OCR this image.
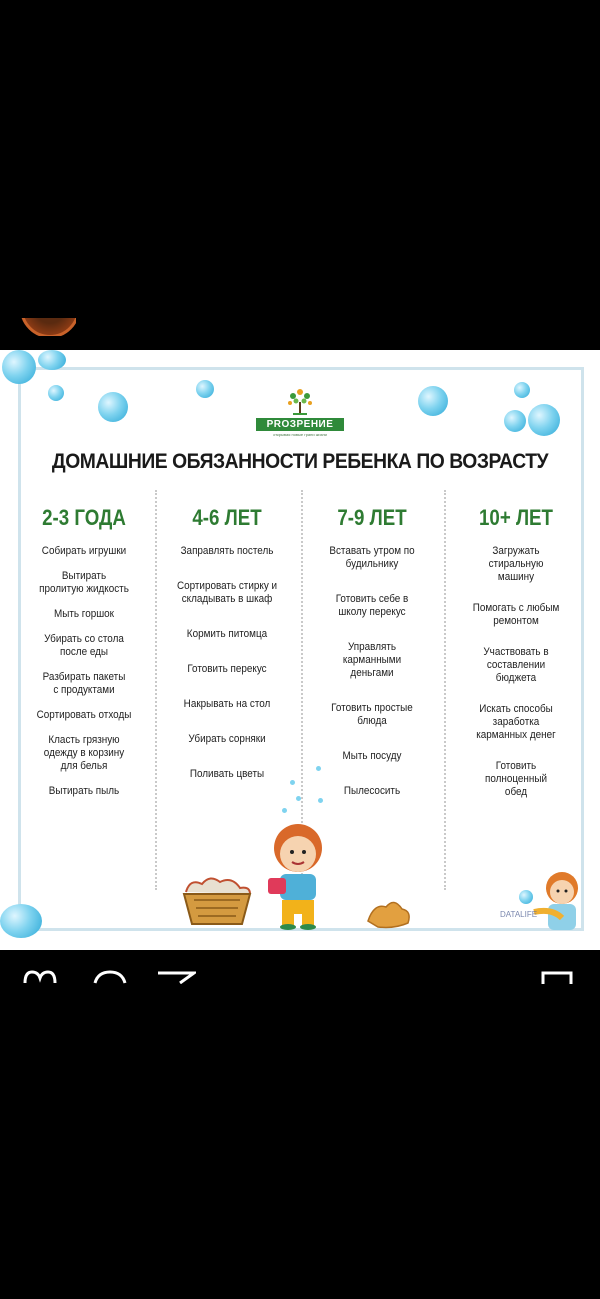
PROЗРЕНИЕ
открывая новые грани жизни
ДОМАШНИЕ ОБЯЗАННОСТИ РЕБЕНКА ПО ВОЗРАСТУ
2-3 ГОДА
Собирать игрушки
Вытирать пролитую жидкость
Мыть горшок
Убирать со стола после еды
Разбирать пакеты с продуктами
Сортировать отходы
Класть грязную одежду в корзину для белья
Вытирать пыль
4-6 ЛЕТ
Заправлять постель
Сортировать стирку и складывать в шкаф
Кормить питомца
Готовить перекус
Накрывать на стол
Убирать сорняки
Поливать цветы
7-9 ЛЕТ
Вставать утром по будильнику
Готовить себе в школу перекус
Управлять карманными деньгами
Готовить простые блюда
Мыть посуду
Пылесосить
10+ ЛЕТ
Загружать стиральную машину
Помогать с любым ремонтом
Участвовать в составлении бюджета
Искать способы заработка карманных денег
Готовить полноценный обед
DATALIFE
